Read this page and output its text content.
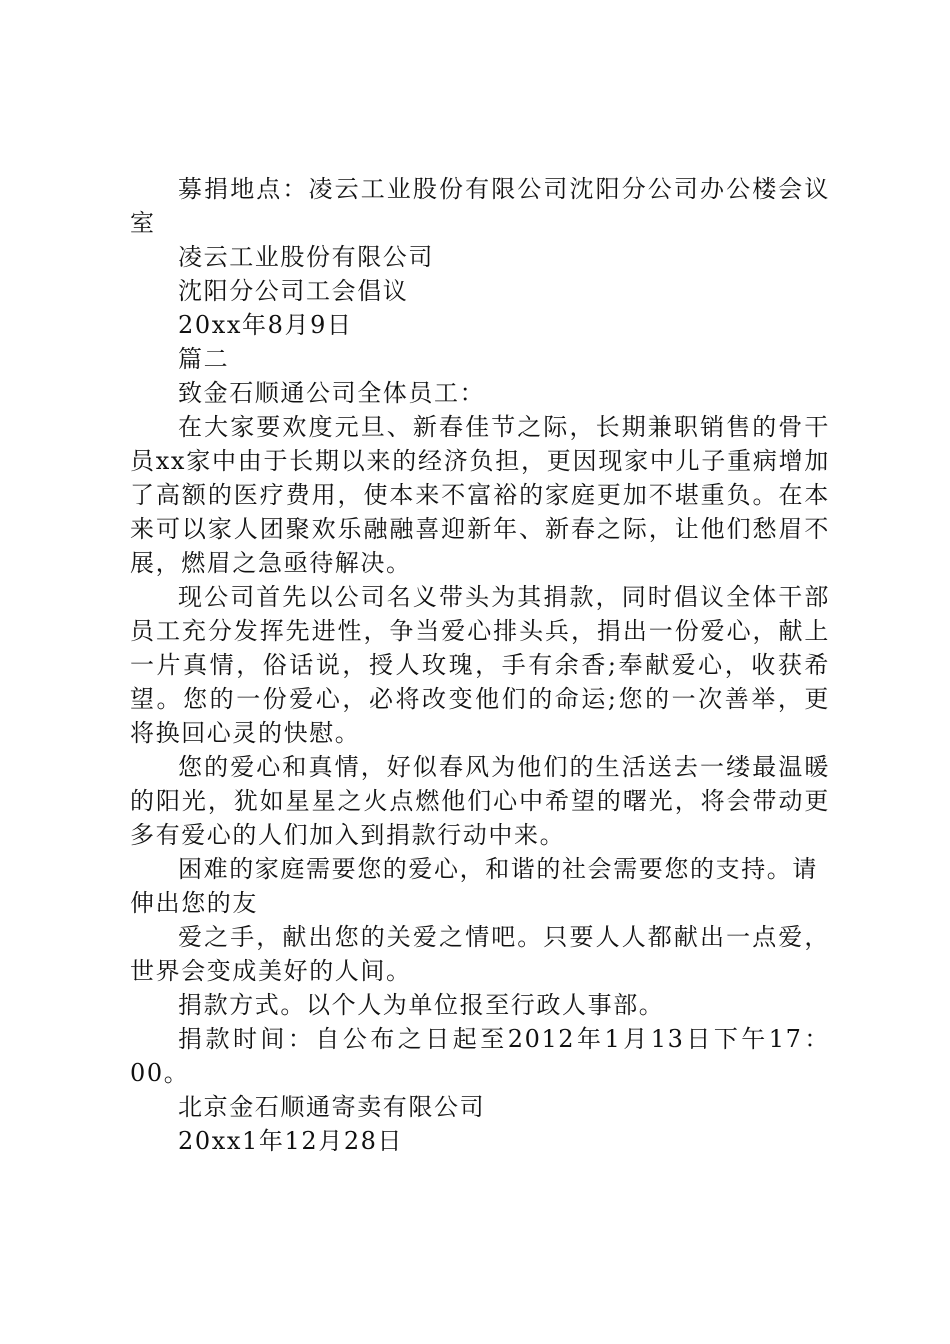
募捐地点：凌云工业股份有限公司沈阳分公司办公楼会议室

凌云工业股份有限公司

沈阳分公司工会倡议

20xx年8月9日

篇二

致金石顺通公司全体员工：

在大家要欢度元旦、新春佳节之际，长期兼职销售的骨干员xx家中由于长期以来的经济负担，更因现家中儿子重病增加了高额的医疗费用，使本来不富裕的家庭更加不堪重负。在本来可以家人团聚欢乐融融喜迎新年、新春之际，让他们愁眉不展，燃眉之急亟待解决。

现公司首先以公司名义带头为其捐款，同时倡议全体干部员工充分发挥先进性，争当爱心排头兵，捐出一份爱心，献上一片真情，俗话说，授人玫瑰，手有余香;奉献爱心，收获希望。您的一份爱心，必将改变他们的命运;您的一次善举，更将换回心灵的快慰。

您的爱心和真情，好似春风为他们的生活送去一缕最温暖的阳光，犹如星星之火点燃他们心中希望的曙光，将会带动更多有爱心的人们加入到捐款行动中来。

困难的家庭需要您的爱心，和谐的社会需要您的支持。请伸出您的友

爱之手，献出您的关爱之情吧。只要人人都献出一点爱，世界会变成美好的人间。

捐款方式。以个人为单位报至行政人事部。

捐款时间：自公布之日起至2012年1月13日下午17：00。

北京金石顺通寄卖有限公司

20xx1年12月28日
